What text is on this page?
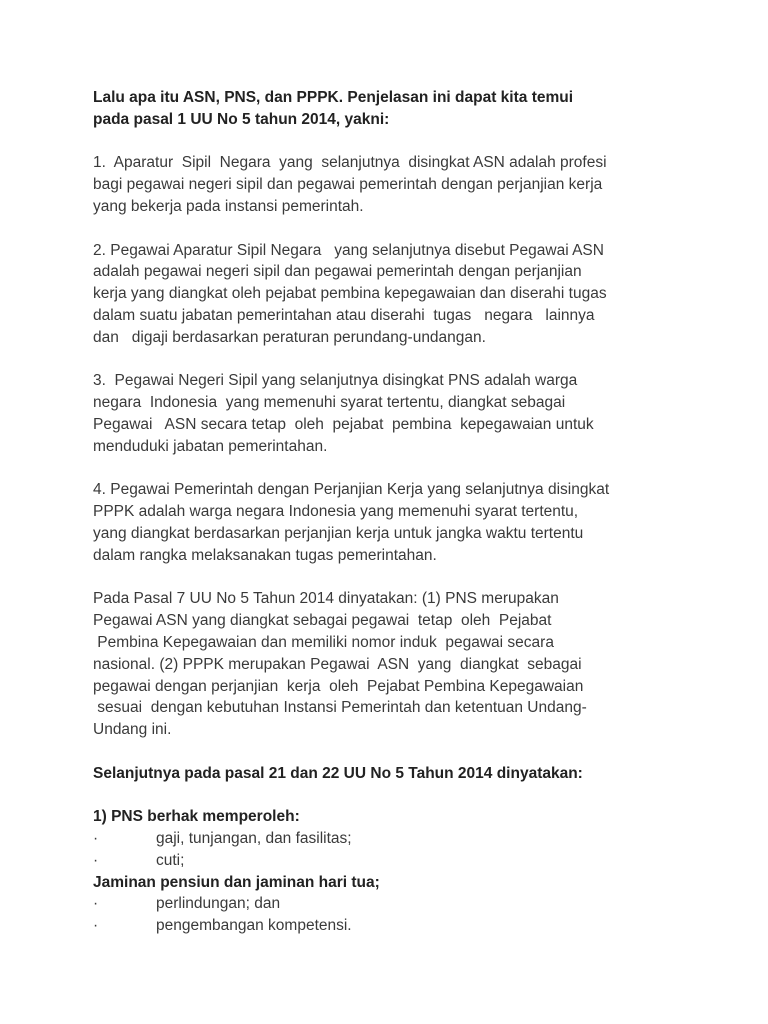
Lalu apa itu ASN, PNS, dan PPPK. Penjelasan ini dapat kita temui
pada pasal 1 UU No 5 tahun 2014, yakni:
1.  Aparatur  Sipil  Negara  yang  selanjutnya  disingkat ASN adalah profesi
bagi pegawai negeri sipil dan pegawai pemerintah dengan perjanjian kerja
yang bekerja pada instansi pemerintah.
2. Pegawai Aparatur Sipil Negara   yang selanjutnya disebut Pegawai ASN
adalah pegawai negeri sipil dan pegawai pemerintah dengan perjanjian
kerja yang diangkat oleh pejabat pembina kepegawaian dan diserahi tugas
dalam suatu jabatan pemerintahan atau diserahi  tugas   negara   lainnya
dan   digaji berdasarkan peraturan perundang-undangan.
3.  Pegawai Negeri Sipil yang selanjutnya disingkat PNS adalah warga
negara  Indonesia  yang memenuhi syarat tertentu, diangkat sebagai
Pegawai   ASN secara tetap  oleh  pejabat  pembina  kepegawaian untuk
menduduki jabatan pemerintahan.
4. Pegawai Pemerintah dengan Perjanjian Kerja yang selanjutnya disingkat
PPPK adalah warga negara Indonesia yang memenuhi syarat tertentu,
yang diangkat berdasarkan perjanjian kerja untuk jangka waktu tertentu
dalam rangka melaksanakan tugas pemerintahan.
Pada Pasal 7 UU No 5 Tahun 2014 dinyatakan: (1) PNS merupakan
Pegawai ASN yang diangkat sebagai pegawai  tetap  oleh  Pejabat
Pembina Kepegawaian dan memiliki nomor induk  pegawai secara
nasional. (2) PPPK merupakan Pegawai  ASN  yang  diangkat  sebagai
pegawai dengan perjanjian  kerja  oleh  Pejabat Pembina Kepegawaian
sesuai  dengan kebutuhan Instansi Pemerintah dan ketentuan Undang-
Undang ini.
Selanjutnya pada pasal 21 dan 22 UU No 5 Tahun 2014 dinyatakan:
1) PNS berhak memperoleh:
·	gaji, tunjangan, dan fasilitas;
·	cuti;
Jaminan pensiun dan jaminan hari tua;
·	perlindungan; dan
·	pengembangan kompetensi.
